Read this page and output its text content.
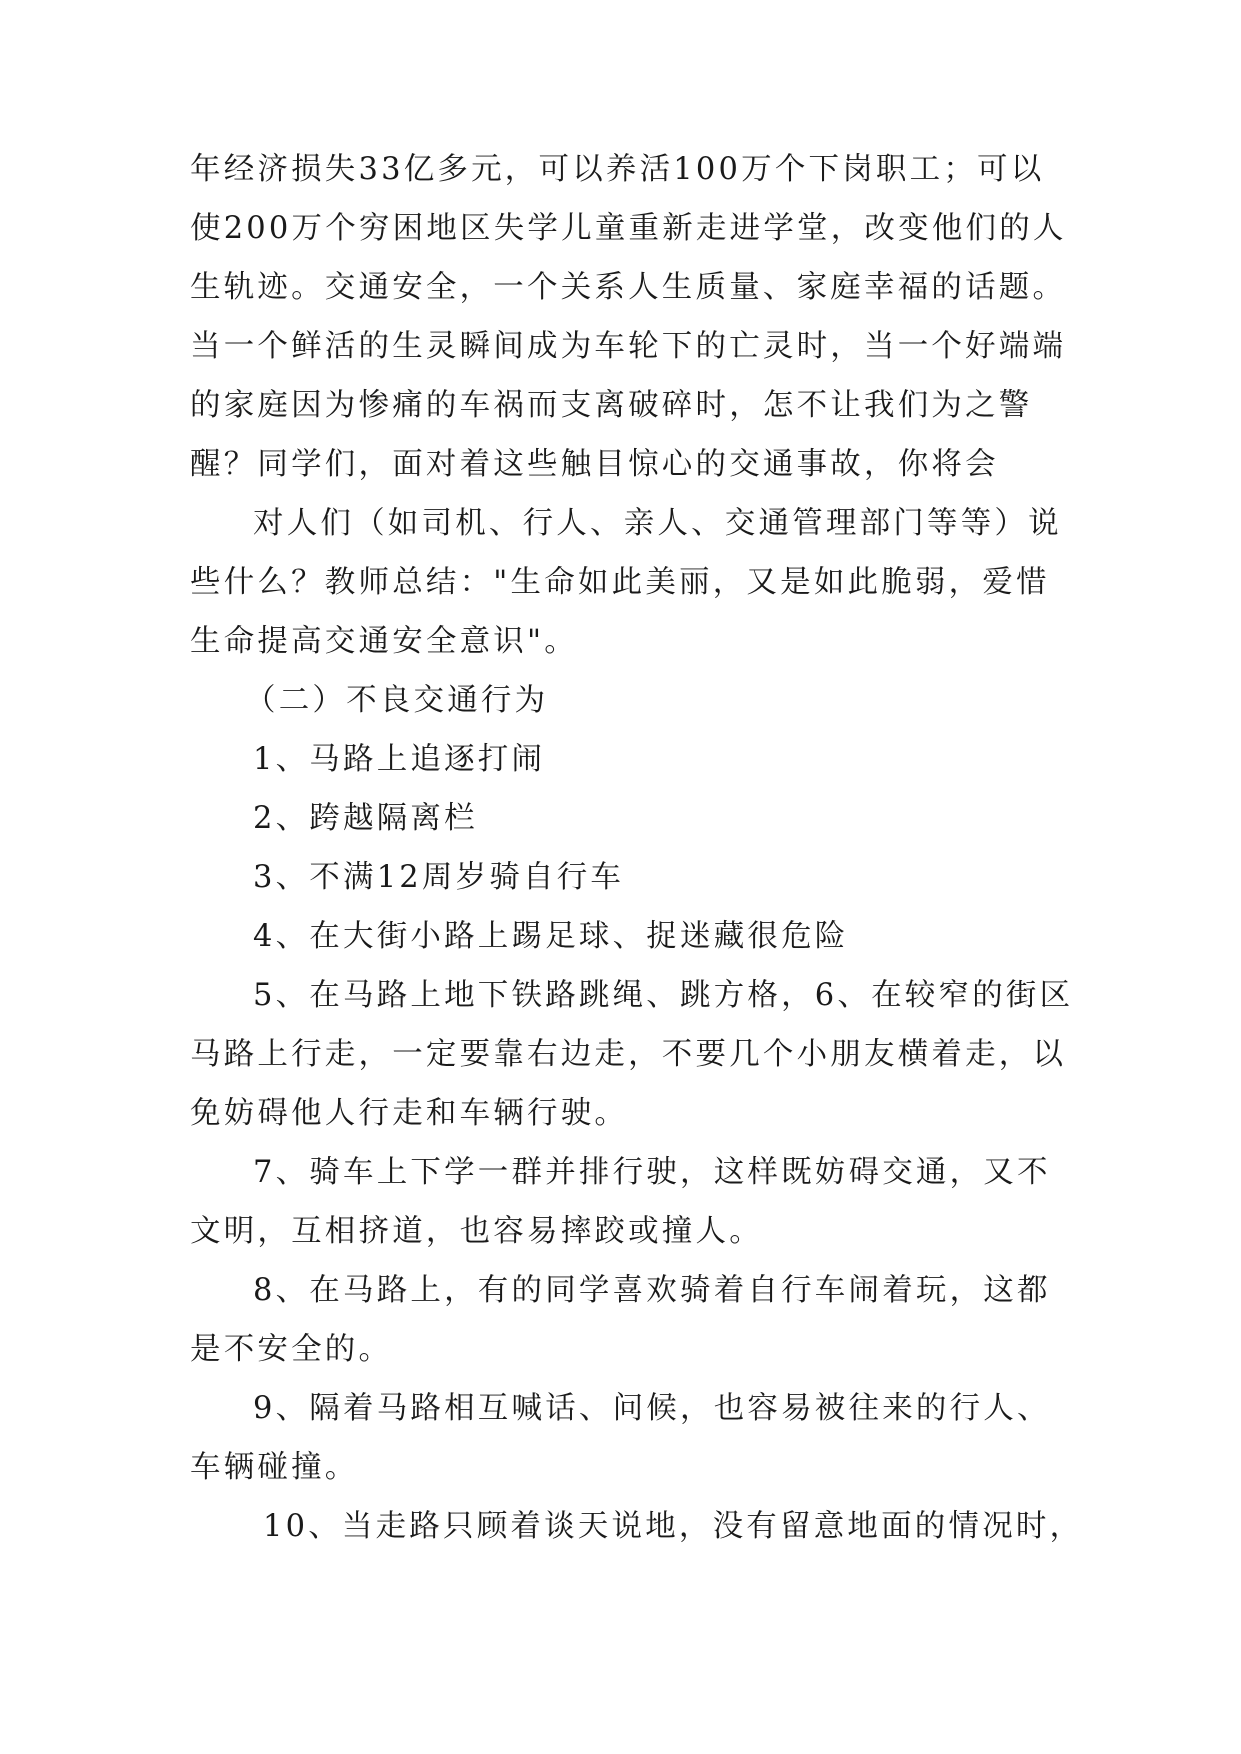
年经济损失33亿多元，可以养活100万个下岗职工；可以
使200万个穷困地区失学儿童重新走进学堂，改变他们的人
生轨迹。交通安全，一个关系人生质量、家庭幸福的话题。
当一个鲜活的生灵瞬间成为车轮下的亡灵时，当一个好端端
的家庭因为惨痛的车祸而支离破碎时，怎不让我们为之警
醒？同学们，面对着这些触目惊心的交通事故，你将会
对人们（如司机、行人、亲人、交通管理部门等等）说
些什么？教师总结："生命如此美丽，又是如此脆弱，爱惜
生命提高交通安全意识"。
（二）不良交通行为
1、马路上追逐打闹
2、跨越隔离栏
3、不满12周岁骑自行车
4、在大街小路上踢足球、捉迷藏很危险
5、在马路上地下铁路跳绳、跳方格，6、在较窄的街区
马路上行走，一定要靠右边走，不要几个小朋友横着走，以
免妨碍他人行走和车辆行驶。
7、骑车上下学一群并排行驶，这样既妨碍交通，又不
文明，互相挤道，也容易摔跤或撞人。
8、在马路上，有的同学喜欢骑着自行车闹着玩，这都
是不安全的。
9、隔着马路相互喊话、问候，也容易被往来的行人、
车辆碰撞。
10、当走路只顾着谈天说地，没有留意地面的情况时，
